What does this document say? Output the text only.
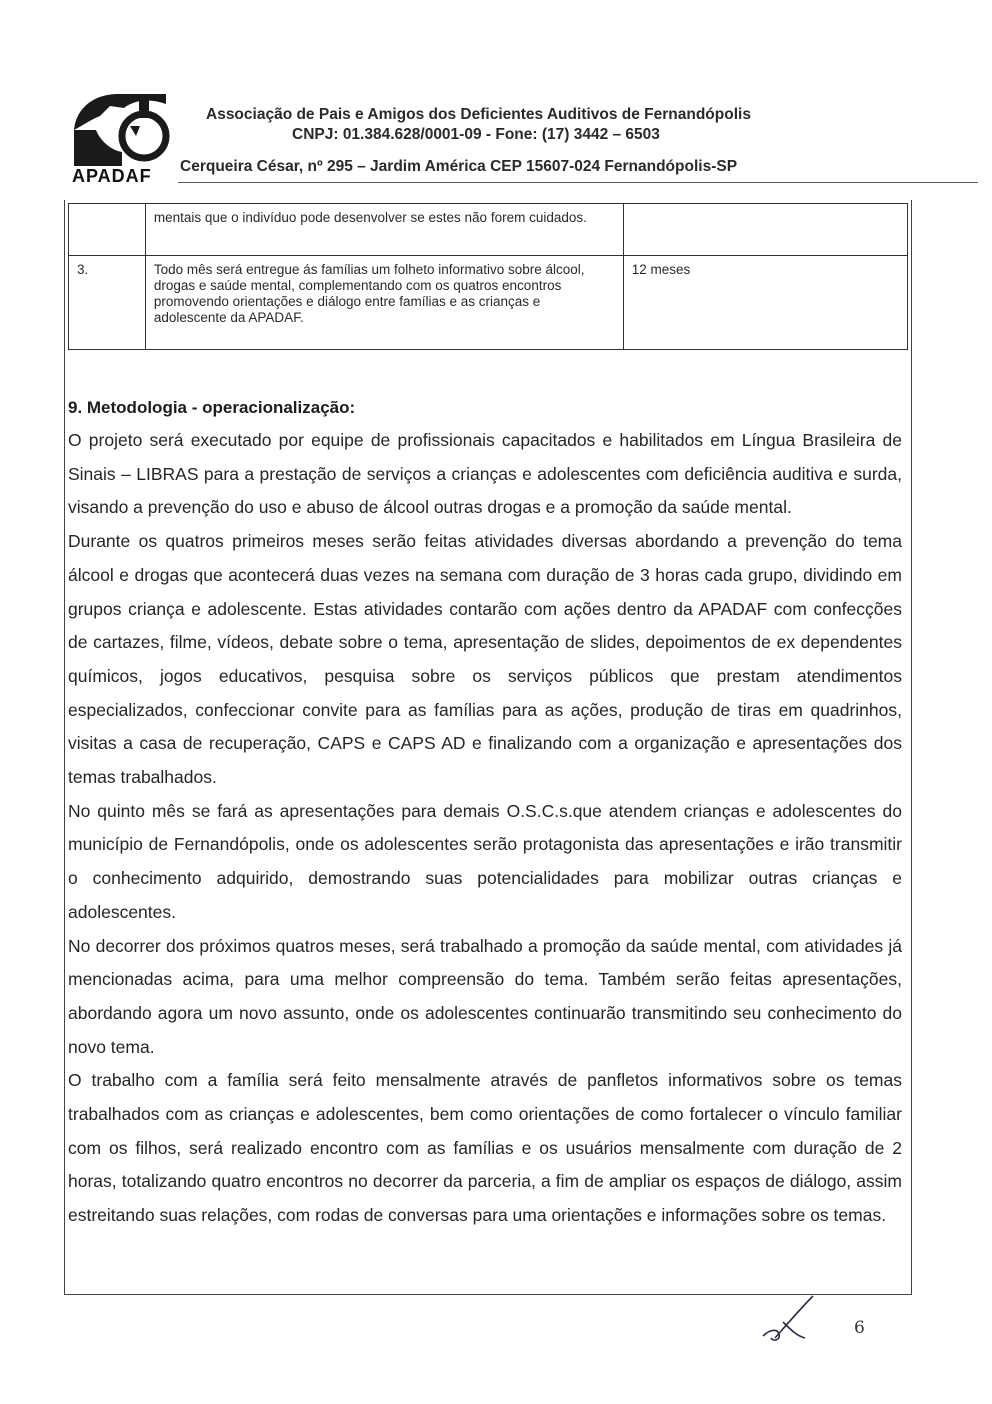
APADAF
Associação de Pais e Amigos dos Deficientes Auditivos de Fernandópolis
CNPJ: 01.384.628/0001-09 - Fone: (17) 3442 – 6503
Cerqueira César, nº 295 – Jardim América CEP 15607-024 Fernandópolis-SP
	mentais que o indivíduo pode desenvolver se estes não forem cuidados.	
3.	Todo mês será entregue ás famílias um folheto informativo sobre álcool, drogas e saúde mental, complementando com os quatros encontros promovendo orientações e diálogo entre famílias e as crianças e adolescente da APADAF.	12 meses
9. Metodologia - operacionalização:

O projeto será executado por equipe de profissionais capacitados e habilitados em Língua Brasileira de Sinais – LIBRAS para a prestação de serviços a crianças e adolescentes com deficiência auditiva e surda, visando a prevenção do uso e abuso de álcool outras drogas e a promoção da saúde mental.

Durante os quatros primeiros meses serão feitas atividades diversas abordando a prevenção do tema álcool e drogas que acontecerá duas vezes na semana com duração de 3 horas cada grupo, dividindo em grupos criança e adolescente. Estas atividades contarão com ações dentro da APADAF com confecções de cartazes, filme, vídeos, debate sobre o tema, apresentação de slides, depoimentos de ex dependentes químicos, jogos educativos, pesquisa sobre os serviços públicos que prestam atendimentos especializados, confeccionar convite para as famílias para as ações, produção de tiras em quadrinhos, visitas a casa de recuperação, CAPS e CAPS AD e finalizando com a organização e apresentações dos temas trabalhados.

No quinto mês se fará as apresentações para demais O.S.C.s.que atendem crianças e adolescentes do município de Fernandópolis, onde os adolescentes serão protagonista das apresentações e irão transmitir o conhecimento adquirido, demostrando suas potencialidades para mobilizar outras crianças e adolescentes.

No decorrer dos próximos quatros meses, será trabalhado a promoção da saúde mental, com atividades já mencionadas acima, para uma melhor compreensão do tema. Também serão feitas apresentações, abordando agora um novo assunto, onde os adolescentes continuarão transmitindo seu conhecimento do novo tema.

O trabalho com a família será feito mensalmente através de panfletos informativos sobre os temas trabalhados com as crianças e adolescentes, bem como orientações de como fortalecer o vínculo familiar com os filhos, será realizado encontro com as famílias e os usuários mensalmente com duração de 2 horas, totalizando quatro encontros no decorrer da parceria, a fim de ampliar os espaços de diálogo, assim estreitando suas relações, com rodas de conversas para uma orientações e informações sobre os temas.

6
